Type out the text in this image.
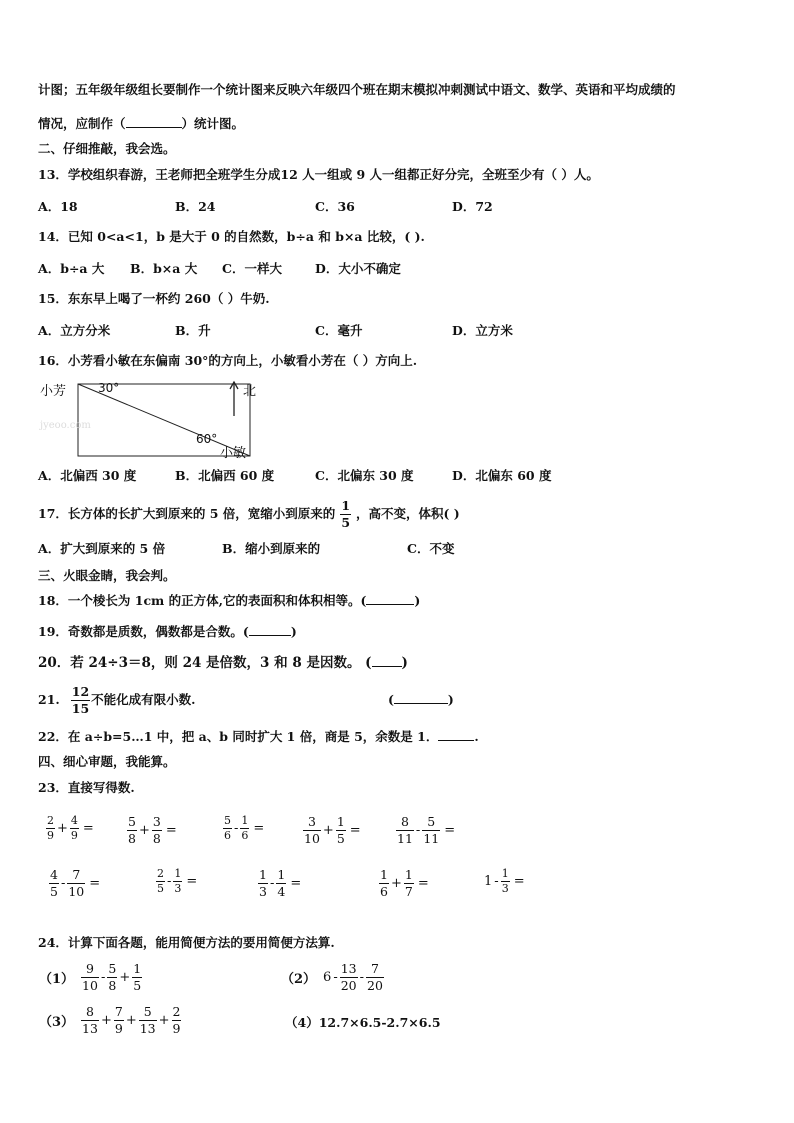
计图；五年级年级组长要制作一个统计图来反映六年级四个班在期末模拟冲刺测试中语文、数学、英语和平均成绩的
情况，应制作（	）统计图。
二、仔细推敲，我会选。
13．学校组织春游，王老师把全班学生分成12 人一组或 9 人一组都正好分完，全班至少有（ ）人。
A．18	B．24	C．36	D．72
14．已知 0<a<1，b 是大于 0 的自然数，b÷a 和 b×a 比较，( ).
A．b÷a 大 B．b×a 大 C．一样大	D．大小不确定
15．东东早上喝了一杯约 260（ ）牛奶.
A．立方分米	B．升	C．毫升	D．立方米
16．小芳看小敏在东偏南 30°的方向上，小敏看小芳在（ ）方向上.
小芳	30°
60°
小敏
北
jyeoo.com
A．北偏西 30 度	B．北偏西 60 度	C．北偏东 30 度	D．北偏东 60 度
17．长方体的长扩大到原来的 5 倍，宽缩小到原来的 $\frac{1}{5}$ ，高不变，体积( )
A．扩大到原来的 5 倍	B．缩小到原来的	C．不变
三、火眼金睛，我会判。
18．一个棱长为 1cm 的正方体,它的表面积和体积相等。(	)
19．奇数都是质数，偶数都是合数。(	)
20．若 24÷3＝8，则 24 是倍数，3 和 8 是因数。 ( )
21. $\frac{12}{15}$ 不能化成有限小数.	(	)
22．在 a÷b=5…1 中，把 a、b 同时扩大 1 倍，商是 5，余数是 1．	.
四、细心审题，我能算。
23．直接写得数.
$\frac{2}{9} + \frac{4}{9}$ =	$\frac{5}{8} + \frac{3}{8}$ =	$\frac{5}{6} - \frac{1}{6}$ =	$\frac{3}{10} + \frac{1}{5}$ =	$\frac{8}{11} - \frac{5}{11}$ =
$\frac{4}{5} - \frac{7}{10}$ =	$\frac{2}{5} - \frac{1}{3}$ =	$\frac{1}{3} - \frac{1}{4}$ =	$\frac{1}{6} + \frac{1}{7}$ =	$1 - \frac{1}{3}$ =
24．计算下面各题，能用简便方法的要用简便方法算.
$(1) \frac{9}{10} - \frac{5}{8} + \frac{1}{5}$	（2） $6 - \frac{13}{20} - \frac{7}{20}$
$(3) \frac{8}{13} + \frac{7}{9} + \frac{5}{13} + \frac{2}{9}$	（4）12.7×6.5-2.7×6.5
